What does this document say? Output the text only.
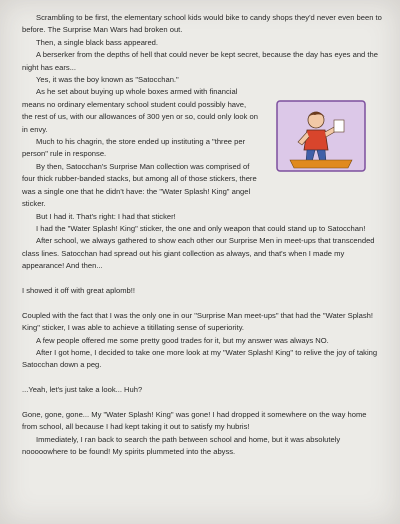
Scrambling to be first, the elementary school kids would bike to candy shops they'd never even been to before. The Surprise Man Wars had broken out.

Then, a single black bass appeared.

A berserker from the depths of hell that could never be kept secret, because the day has eyes and the night has ears...

Yes, it was the boy known as "Satocchan."

As he set about buying up whole boxes armed with financial means no ordinary elementary school student could possibly have, the rest of us, with our allowances of 300 yen or so, could only look on in envy.

Much to his chagrin, the store ended up instituting a "three per person" rule in response.

By then, Satocchan's Surprise Man collection was comprised of four thick rubber-banded stacks, but among all of those stickers, there was a single one that he didn't have: the "Water Splash! King" angel sticker.

But I had it. That's right: I had that sticker!

I had the "Water Splash! King" sticker, the one and only weapon that could stand up to Satocchan!

After school, we always gathered to show each other our Surprise Men in meet-ups that transcended class lines. Satocchan had spread out his giant collection as always, and that's when I made my appearance! And then...

I showed it off with great aplomb!!

Coupled with the fact that I was the only one in our "Surprise Man meet-ups" that had the "Water Splash! King" sticker, I was able to achieve a titillating sense of superiority.

A few people offered me some pretty good trades for it, but my answer was always NO.

After I got home, I decided to take one more look at my "Water Splash! King" to relive the joy of taking Satocchan down a peg.

...Yeah, let's just take a look... Huh?

Gone, gone, gone... My "Water Splash! King" was gone! I had dropped it somewhere on the way home from school, all because I had kept taking it out to satisfy my hubris!

Immediately, I ran back to search the path between school and home, but it was absolutely nooooowhere to be found! My spirits plummeted into the abyss.
